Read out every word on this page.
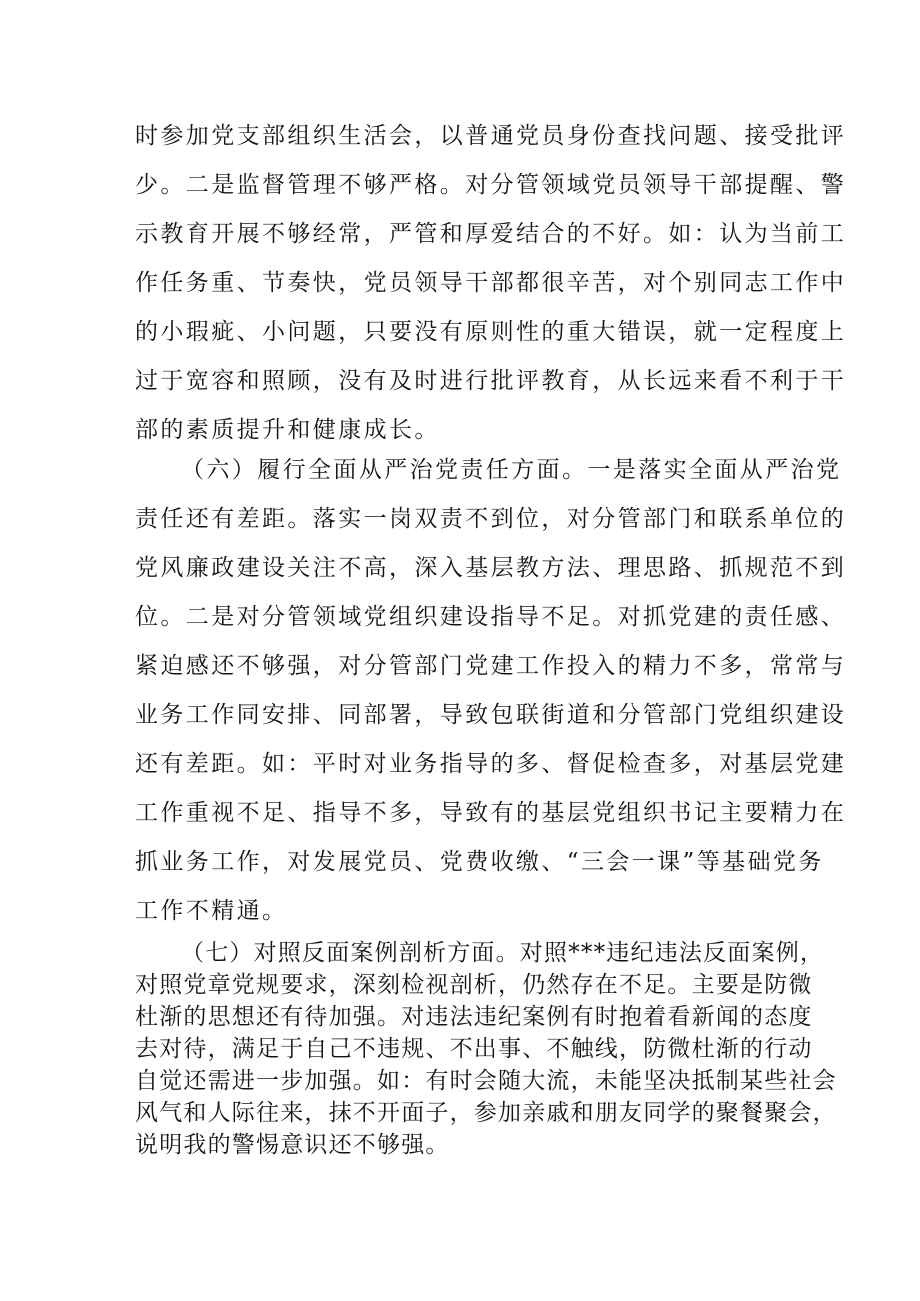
时参加党支部组织生活会，以普通党员身份查找问题、接受批评
少。二是监督管理不够严格。对分管领域党员领导干部提醒、警
示教育开展不够经常，严管和厚爱结合的不好。如：认为当前工
作任务重、节奏快，党员领导干部都很辛苦，对个别同志工作中
的小瑕疵、小问题，只要没有原则性的重大错误，就一定程度上
过于宽容和照顾，没有及时进行批评教育，从长远来看不利于干
部的素质提升和健康成长。
（六）履行全面从严治党责任方面。一是落实全面从严治党
责任还有差距。落实一岗双责不到位，对分管部门和联系单位的
党风廉政建设关注不高，深入基层教方法、理思路、抓规范不到
位。二是对分管领域党组织建设指导不足。对抓党建的责任感、
紧迫感还不够强，对分管部门党建工作投入的精力不多，常常与
业务工作同安排、同部署，导致包联街道和分管部门党组织建设
还有差距。如：平时对业务指导的多、督促检查多，对基层党建
工作重视不足、指导不多，导致有的基层党组织书记主要精力在
抓业务工作，对发展党员、党费收缴、“三会一课”等基础党务
工作不精通。
（七）对照反面案例剖析方面。对照***违纪违法反面案例，
对照党章党规要求，深刻检视剖析，仍然存在不足。主要是防微
杜渐的思想还有待加强。对违法违纪案例有时抱着看新闻的态度
去对待，满足于自己不违规、不出事、不触线，防微杜渐的行动
自觉还需进一步加强。如：有时会随大流，未能坚决抵制某些社会
风气和人际往来，抹不开面子，参加亲戚和朋友同学的聚餐聚会，
说明我的警惕意识还不够强。
